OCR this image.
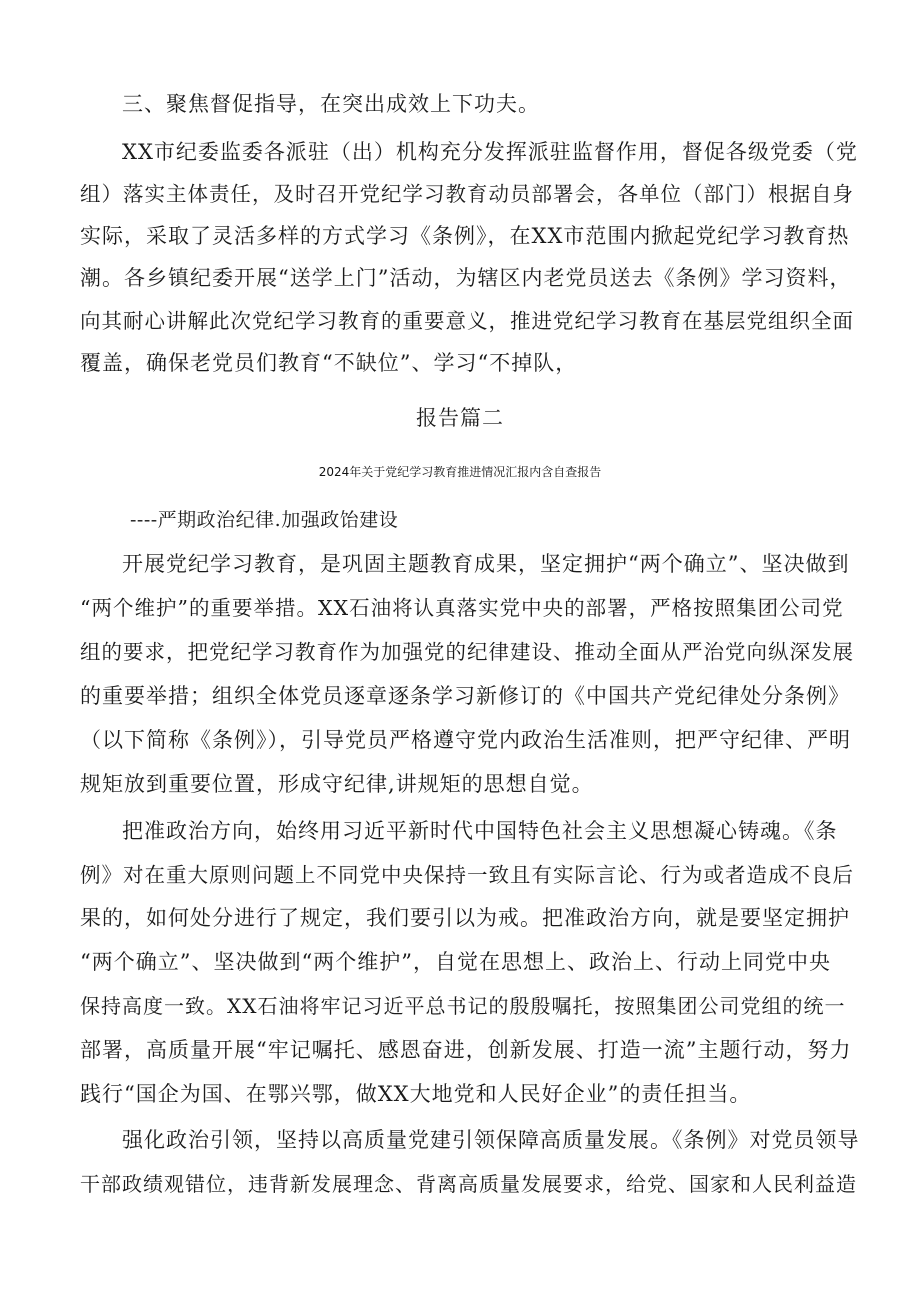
三、聚焦督促指导，在突出成效上下功夫。
XX市纪委监委各派驻（出）机构充分发挥派驻监督作用，督促各级党委（党
组）落实主体责任，及时召开党纪学习教育动员部署会，各单位（部门）根据自身
实际，采取了灵活多样的方式学习《条例》，在XX市范围内掀起党纪学习教育热
潮。各乡镇纪委开展“送学上门”活动，为辖区内老党员送去《条例》学习资料，
向其耐心讲解此次党纪学习教育的重要意义，推进党纪学习教育在基层党组织全面
覆盖，确保老党员们教育“不缺位”、学习“不掉队，
报告篇二
2024年关于党纪学习教育推进情况汇报内含自查报告
----严期政治纪律.加强政饴建设
开展党纪学习教育，是巩固主题教育成果，坚定拥护“两个确立”、坚决做到
“两个维护”的重要举措。XX石油将认真落实党中央的部署，严格按照集团公司党
组的要求，把党纪学习教育作为加强党的纪律建设、推动全面从严治党向纵深发展
的重要举措；组织全体党员逐章逐条学习新修订的《中国共产党纪律处分条例》
（以下简称《条例》），引导党员严格遵守党内政治生活准则，把严守纪律、严明
规矩放到重要位置，形成守纪律,讲规矩的思想自觉。
把准政治方向，始终用习近平新时代中国特色社会主义思想凝心铸魂。《条
例》对在重大原则问题上不同党中央保持一致且有实际言论、行为或者造成不良后
果的，如何处分进行了规定，我们要引以为戒。把准政治方向，就是要坚定拥护
“两个确立”、坚决做到“两个维护”，自觉在思想上、政治上、行动上同党中央
保持高度一致。XX石油将牢记习近平总书记的殷殷嘱托，按照集团公司党组的统一
部署，高质量开展“牢记嘱托、感恩奋进，创新发展、打造一流”主题行动，努力
践行“国企为国、在鄂兴鄂，做XX大地党和人民好企业”的责任担当。
强化政治引领，坚持以高质量党建引领保障高质量发展。《条例》对党员领导
干部政绩观错位，违背新发展理念、背离高质量发展要求，给党、国家和人民利益造
